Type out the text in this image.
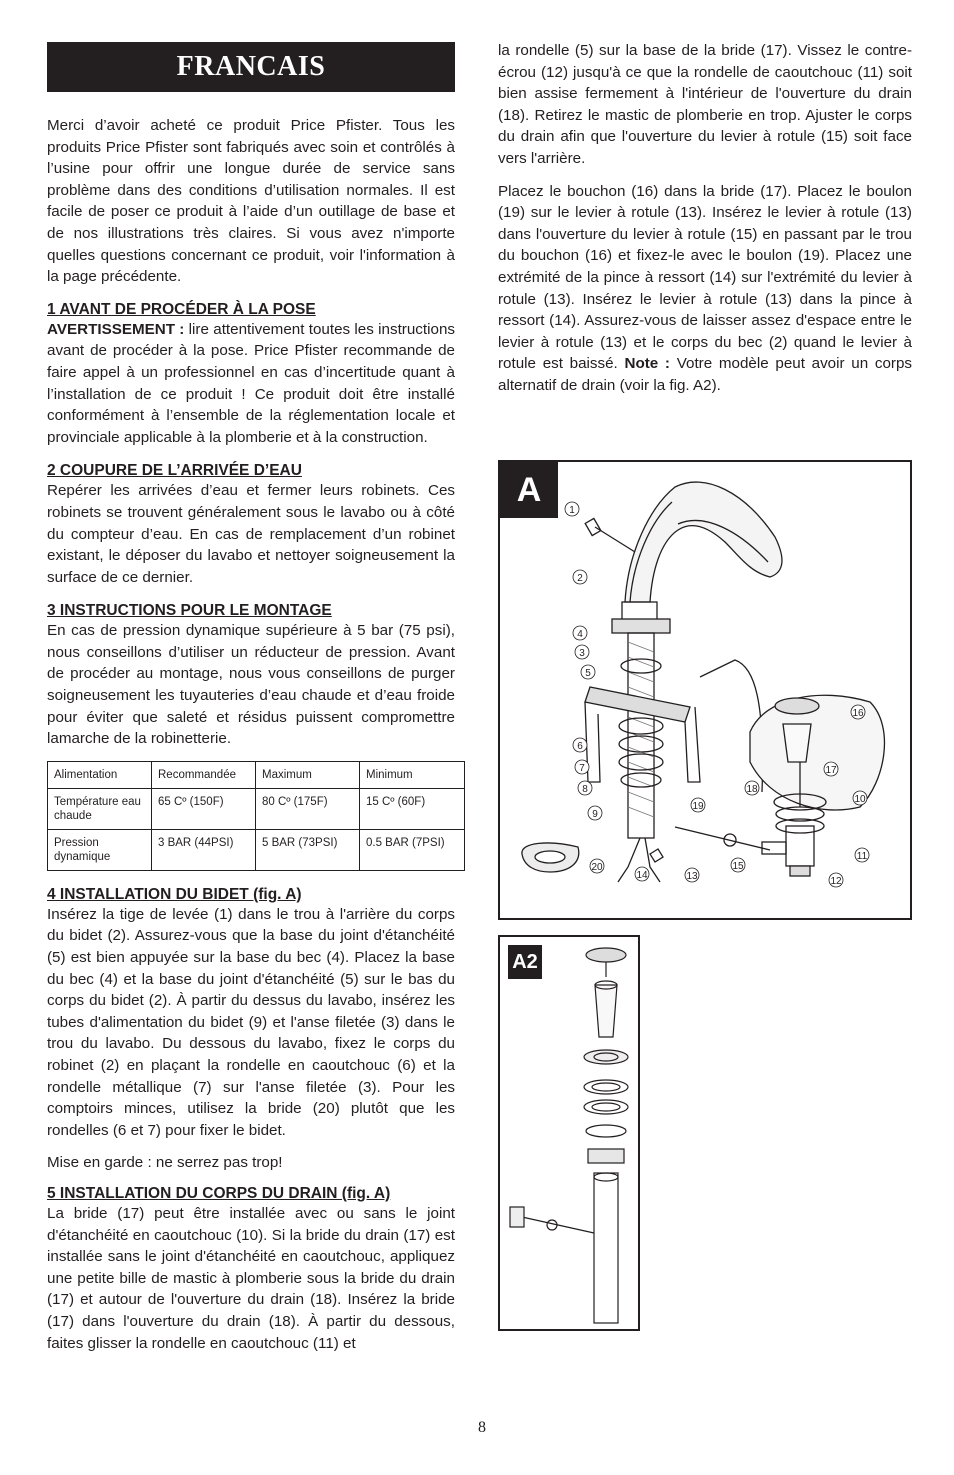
FRANCAIS

Merci d’avoir acheté ce produit Price Pfister. Tous les produits Price Pfister sont fabriqués avec soin et contrôlés à l’usine pour offrir une longue durée de service sans problème dans des conditions d’utilisation normales. Il est facile de poser ce produit à l’aide d’un outillage de base et de nos illustrations très claires. Si vous avez n'importe quelles questions concernant ce produit, voir l'information à la page précédente.

1 AVANT DE PROCÉDER À LA POSE

AVERTISSEMENT : lire attentivement toutes les instructions avant de procéder à la pose. Price Pfister recommande de faire appel à un professionnel en cas d’incertitude quant à l’installation de ce produit ! Ce produit doit être installé conformément à l’ensemble de la réglementation locale et provinciale applicable à la plomberie et à la construction.

2 COUPURE DE L’ARRIVÉE D’EAU

Repérer les arrivées d’eau et fermer leurs robinets. Ces robinets se trouvent généralement sous le lavabo ou à côté du compteur d’eau. En cas de remplacement d’un robinet existant, le déposer du lavabo et nettoyer soigneusement la surface de ce dernier.

3 INSTRUCTIONS POUR LE MONTAGE

En cas de pression dynamique supérieure à 5 bar (75 psi), nous conseillons d’utiliser un réducteur de pression. Avant de procéder au montage, nous vous conseillons de purger soigneusement les tuyauteries d’eau chaude et d’eau froide pour éviter que saleté et résidus puissent compromettre lamarche de la robinetterie.

Alimentation	Recommandée	Maximum	Minimum
Température eau chaude	65 Cº (150F)	80 Cº (175F)	15 Cº (60F)
Pression dynamique	3 BAR (44PSI)	5 BAR (73PSI)	0.5 BAR (7PSI)
4 INSTALLATION DU BIDET (fig. A)

Insérez la tige de levée (1) dans le trou à l'arrière du corps du bidet (2). Assurez-vous que la base du joint d'étanchéité (5) est bien appuyée sur la base du bec (4). Placez la base du bec (4) et la base du joint d'étanchéité (5) sur le bas du corps du bidet (2). À partir du dessus du lavabo, insérez les tubes d'alimentation du bidet (9) et l'anse filetée (3) dans le trou du lavabo. Du dessous du lavabo, fixez le corps du robinet (2) en plaçant la rondelle en caoutchouc (6) et la rondelle métallique (7) sur l'anse filetée (3). Pour les comptoirs minces, utilisez la bride (20) plutôt que les rondelles (6 et 7) pour fixer le bidet.

Mise en garde : ne serrez pas trop!

5 INSTALLATION DU CORPS DU DRAIN (fig. A)

La bride (17) peut être installée avec ou sans le joint d'étanchéité en caoutchouc (10). Si la bride du drain (17) est installée sans le joint d'étanchéité en caoutchouc, appliquez une petite bille de mastic à plomberie sous la bride du drain (17) et autour de l'ouverture du drain (18). Insérez la bride (17) dans l'ouverture du drain (18). À partir du dessous, faites glisser la rondelle en caoutchouc (11) et

la rondelle (5) sur la base de la bride (17). Vissez le contre-écrou (12) jusqu'à ce que la rondelle de caoutchouc (11) soit bien assise fermement à l'intérieur de l'ouverture du drain (18). Retirez le mastic de plomberie en trop. Ajuster le corps du drain afin que l'ouverture du levier à rotule (15) soit face vers l'arrière.

Placez le bouchon (16) dans la bride (17). Placez le boulon (19) sur le levier à rotule (13). Insérez le levier à rotule (13) dans l'ouverture du levier à rotule (15) en passant par le trou du bouchon (16) et fixez-le avec le boulon (19). Placez une extrémité de la pince à ressort (14) sur l'extrémité du levier à rotule (13). Insérez le levier à rotule (13) dans la pince à ressort (14). Assurez-vous de laisser assez d'espace entre le levier à rotule (13) et le corps du bec (2) quand le levier à rotule est baissé. Note : Votre modèle peut avoir un corps alternatif de drain (voir la fig. A2).

A
1
2
4
3
5
6
7
8
9
20
14	13
19
15
16
17
18
10
11
12
A2
8
